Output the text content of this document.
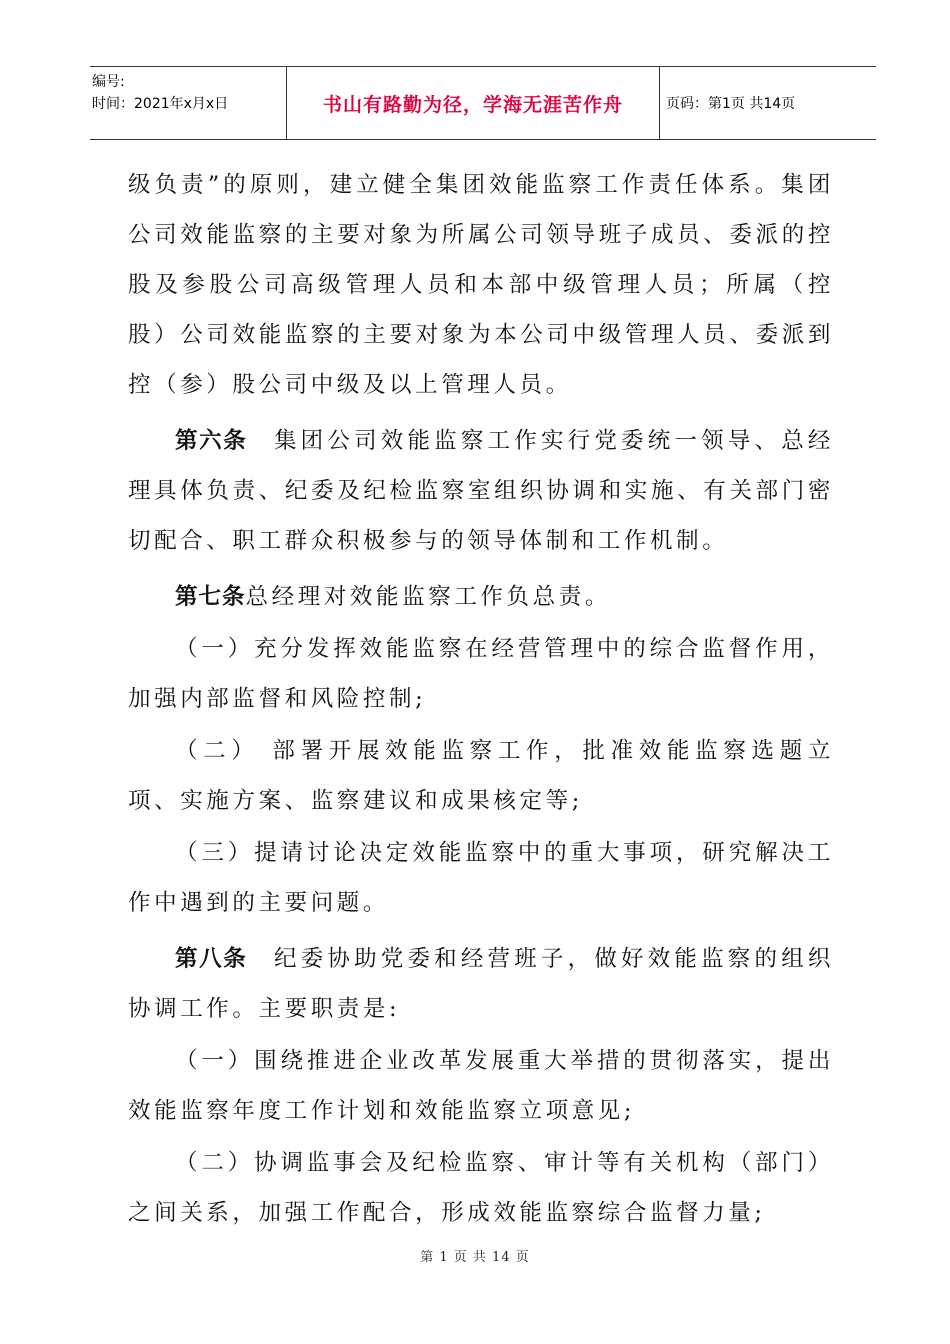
编号:
时间：2021年x月x日	书山有路勤为径，学海无涯苦作舟	页码：第1页 共14页

级负责”的原则，建立健全集团效能监察工作责任体系。集团公司效能监察的主要对象为所属公司领导班子成员、委派的控股及参股公司高级管理人员和本部中级管理人员；所属（控股）公司效能监察的主要对象为本公司中级管理人员、委派到控（参）股公司中级及以上管理人员。

第六条　集团公司效能监察工作实行党委统一领导、总经理具体负责、纪委及纪检监察室组织协调和实施、有关部门密切配合、职工群众积极参与的领导体制和工作机制。

第七条总经理对效能监察工作负总责。

（一）充分发挥效能监察在经营管理中的综合监督作用，加强内部监督和风险控制;

（二） 部署开展效能监察工作，批准效能监察选题立项、实施方案、监察建议和成果核定等;

（三）提请讨论决定效能监察中的重大事项，研究解决工作中遇到的主要问题。

第八条　纪委协助党委和经营班子，做好效能监察的组织协调工作。主要职责是:

（一）围绕推进企业改革发展重大举措的贯彻落实，提出效能监察年度工作计划和效能监察立项意见;

（二）协调监事会及纪检监察、审计等有关机构（部门）之间关系，加强工作配合，形成效能监察综合监督力量;

第 1 页 共 14 页
